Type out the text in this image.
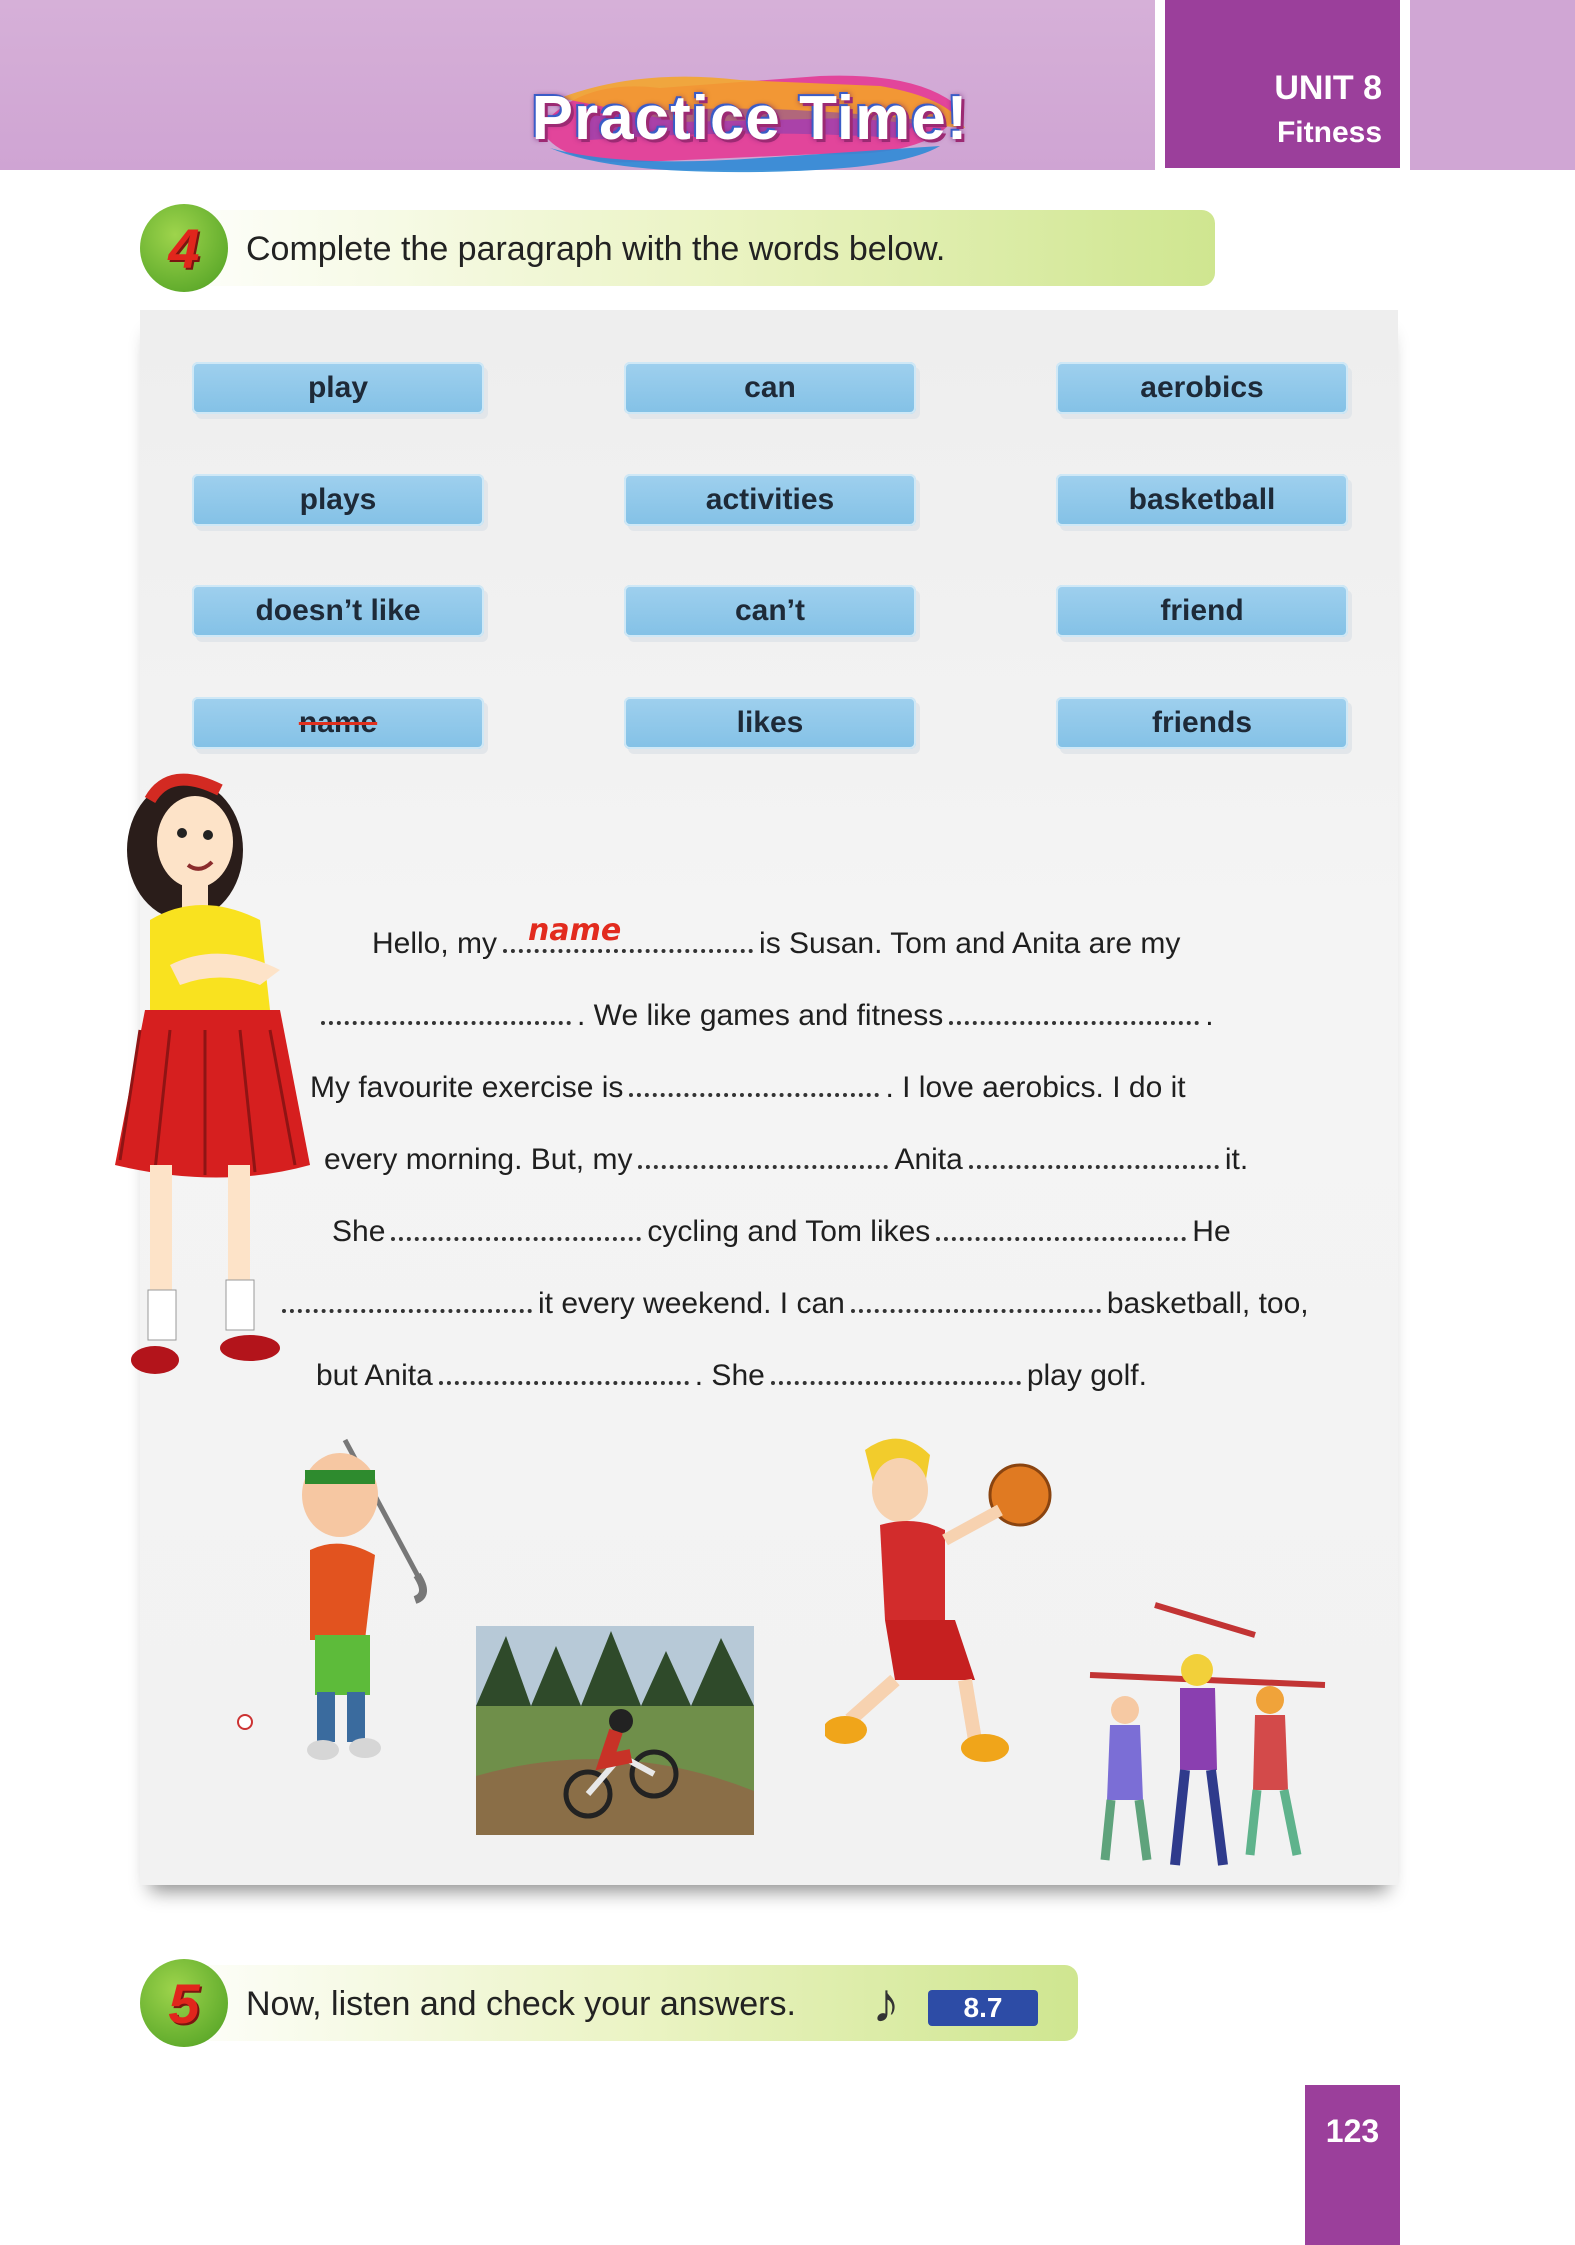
UNIT 8
Fitness
Practice Time!
4 Complete the paragraph with the words below.
play	can	aerobics
plays	activities	basketball
doesn’t like	can’t	friend
name	likes	friends
Hello, my	is Susan. Tom and Anita are my
name
. We like games and fitness	.
My favourite exercise is	. I love aerobics. I do it
every morning. But, my	Anita	it.
She	cycling and Tom likes	He
it every weekend. I can	basketball, too,
but Anita	. She	play golf.
5 Now, listen and check your answers. ♪	8.7
123
